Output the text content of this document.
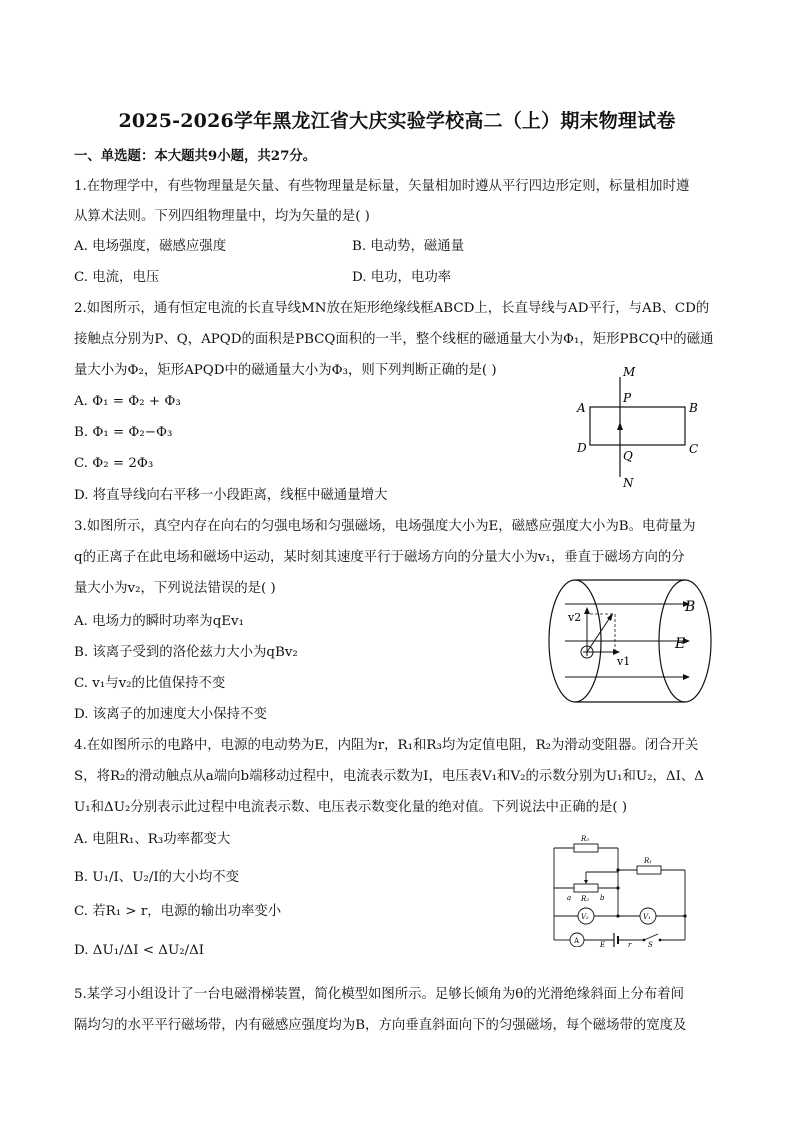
2025-2026学年黑龙江省大庆实验学校高二（上）期末物理试卷
一、单选题：本大题共9小题，共27分。
1.在物理学中，有些物理量是矢量、有些物理量是标量，矢量相加时遵从平行四边形定则，标量相加时遵
从算术法则。下列四组物理量中，均为矢量的是( )
A. 电场强度，磁感应强度	B. 电动势，磁通量
C. 电流，电压	D. 电功，电功率
2.如图所示，通有恒定电流的长直导线MN放在矩形绝缘线框ABCD上，长直导线与AD平行，与AB、CD的
接触点分别为P、Q，APQD的面积是PBCQ面积的一半，整个线框的磁通量大小为Φ₁，矩形PBCQ中的磁通
量大小为Φ₂，矩形APQD中的磁通量大小为Φ₃，则下列判断正确的是( )
A. Φ₁ = Φ₂ + Φ₃
B. Φ₁ = Φ₂−Φ₃
C. Φ₂ = 2Φ₃
D. 将直导线向右平移一小段距离，线框中磁通量增大
M
P
A	B
D	C
Q
N
3.如图所示，真空内存在向右的匀强电场和匀强磁场，电场强度大小为E，磁感应强度大小为B。电荷量为
q的正离子在此电场和磁场中运动，某时刻其速度平行于磁场方向的分量大小为v₁，垂直于磁场方向的分
量大小为v₂，下列说法错误的是( )
A. 电场力的瞬时功率为qEv₁
B. 该离子受到的洛伦兹力大小为qBv₂
C. v₁与v₂的比值保持不变
D. 该离子的加速度大小保持不变
v2
v1
B
E
4.在如图所示的电路中，电源的电动势为E，内阻为r，R₁和R₃均为定值电阻，R₂为滑动变阻器。闭合开关
S，将R₂的滑动触点从a端向b端移动过程中，电流表示数为I，电压表V₁和V₂的示数分别为U₁和U₂，ΔI、Δ
U₁和ΔU₂分别表示此过程中电流表示数、电压表示数变化量的绝对值。下列说法中正确的是( )
A. 电阻R₁、R₃功率都变大
B. U₁/I、U₂/I的大小均不变
C. 若R₁ > r，电源的输出功率变小
D. ΔU₁/ΔI < ΔU₂/ΔI
R₃
a R₂ b
R₁
V₂	V₁
A	E	r S
5.某学习小组设计了一台电磁滑梯装置，简化模型如图所示。足够长倾角为θ的光滑绝缘斜面上分布着间
隔均匀的水平平行磁场带，内有磁感应强度均为B，方向垂直斜面向下的匀强磁场，每个磁场带的宽度及
